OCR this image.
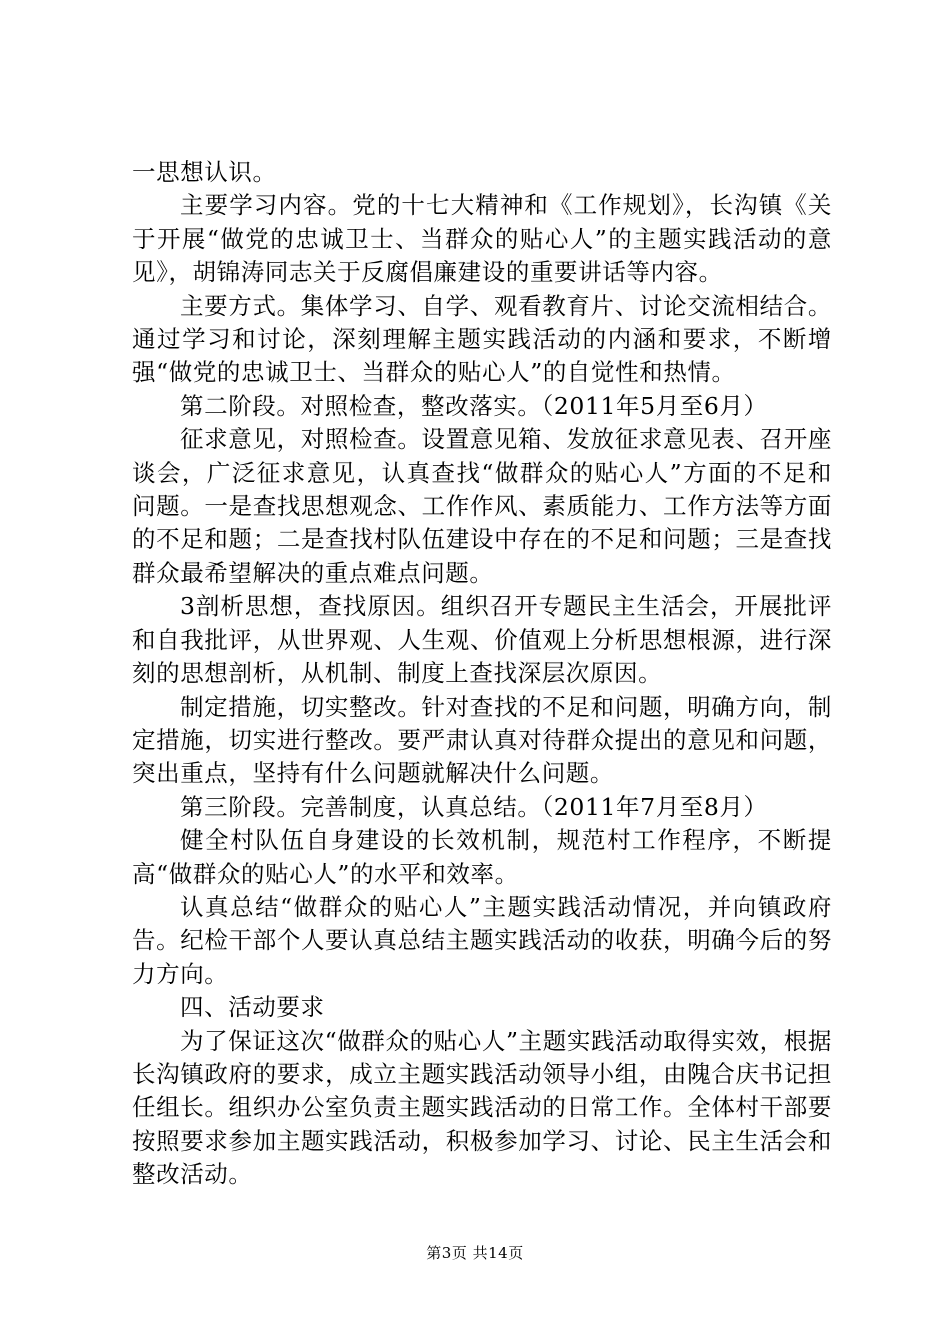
一思想认识。

主要学习内容。党的十七大精神和《工作规划》，长沟镇《关于开展“做党的忠诚卫士、当群众的贴心人”的主题实践活动的意见》，胡锦涛同志关于反腐倡廉建设的重要讲话等内容。

主要方式。集体学习、自学、观看教育片、讨论交流相结合。通过学习和讨论，深刻理解主题实践活动的内涵和要求，不断增强“做党的忠诚卫士、当群众的贴心人”的自觉性和热情。

第二阶段。对照检查，整改落实。（2011年5月至6月）

征求意见，对照检查。设置意见箱、发放征求意见表、召开座谈会，广泛征求意见，认真查找“做群众的贴心人”方面的不足和问题。一是查找思想观念、工作作风、素质能力、工作方法等方面的不足和题；二是查找村队伍建设中存在的不足和问题；三是查找群众最希望解决的重点难点问题。

3剖析思想，查找原因。组织召开专题民主生活会，开展批评和自我批评，从世界观、人生观、价值观上分析思想根源，进行深刻的思想剖析，从机制、制度上查找深层次原因。

制定措施，切实整改。针对查找的不足和问题，明确方向，制定措施，切实进行整改。要严肃认真对待群众提出的意见和问题，突出重点，坚持有什么问题就解决什么问题。

第三阶段。完善制度，认真总结。（2011年7月至8月）

健全村队伍自身建设的长效机制，规范村工作程序，不断提高“做群众的贴心人”的水平和效率。

认真总结“做群众的贴心人”主题实践活动情况，并向镇政府告。纪检干部个人要认真总结主题实践活动的收获，明确今后的努力方向。

四、活动要求

为了保证这次“做群众的贴心人”主题实践活动取得实效，根据长沟镇政府的要求，成立主题实践活动领导小组，由隗合庆书记担任组长。组织办公室负责主题实践活动的日常工作。全体村干部要按照要求参加主题实践活动，积极参加学习、讨论、民主生活会和整改活动。

第3页 共14页
